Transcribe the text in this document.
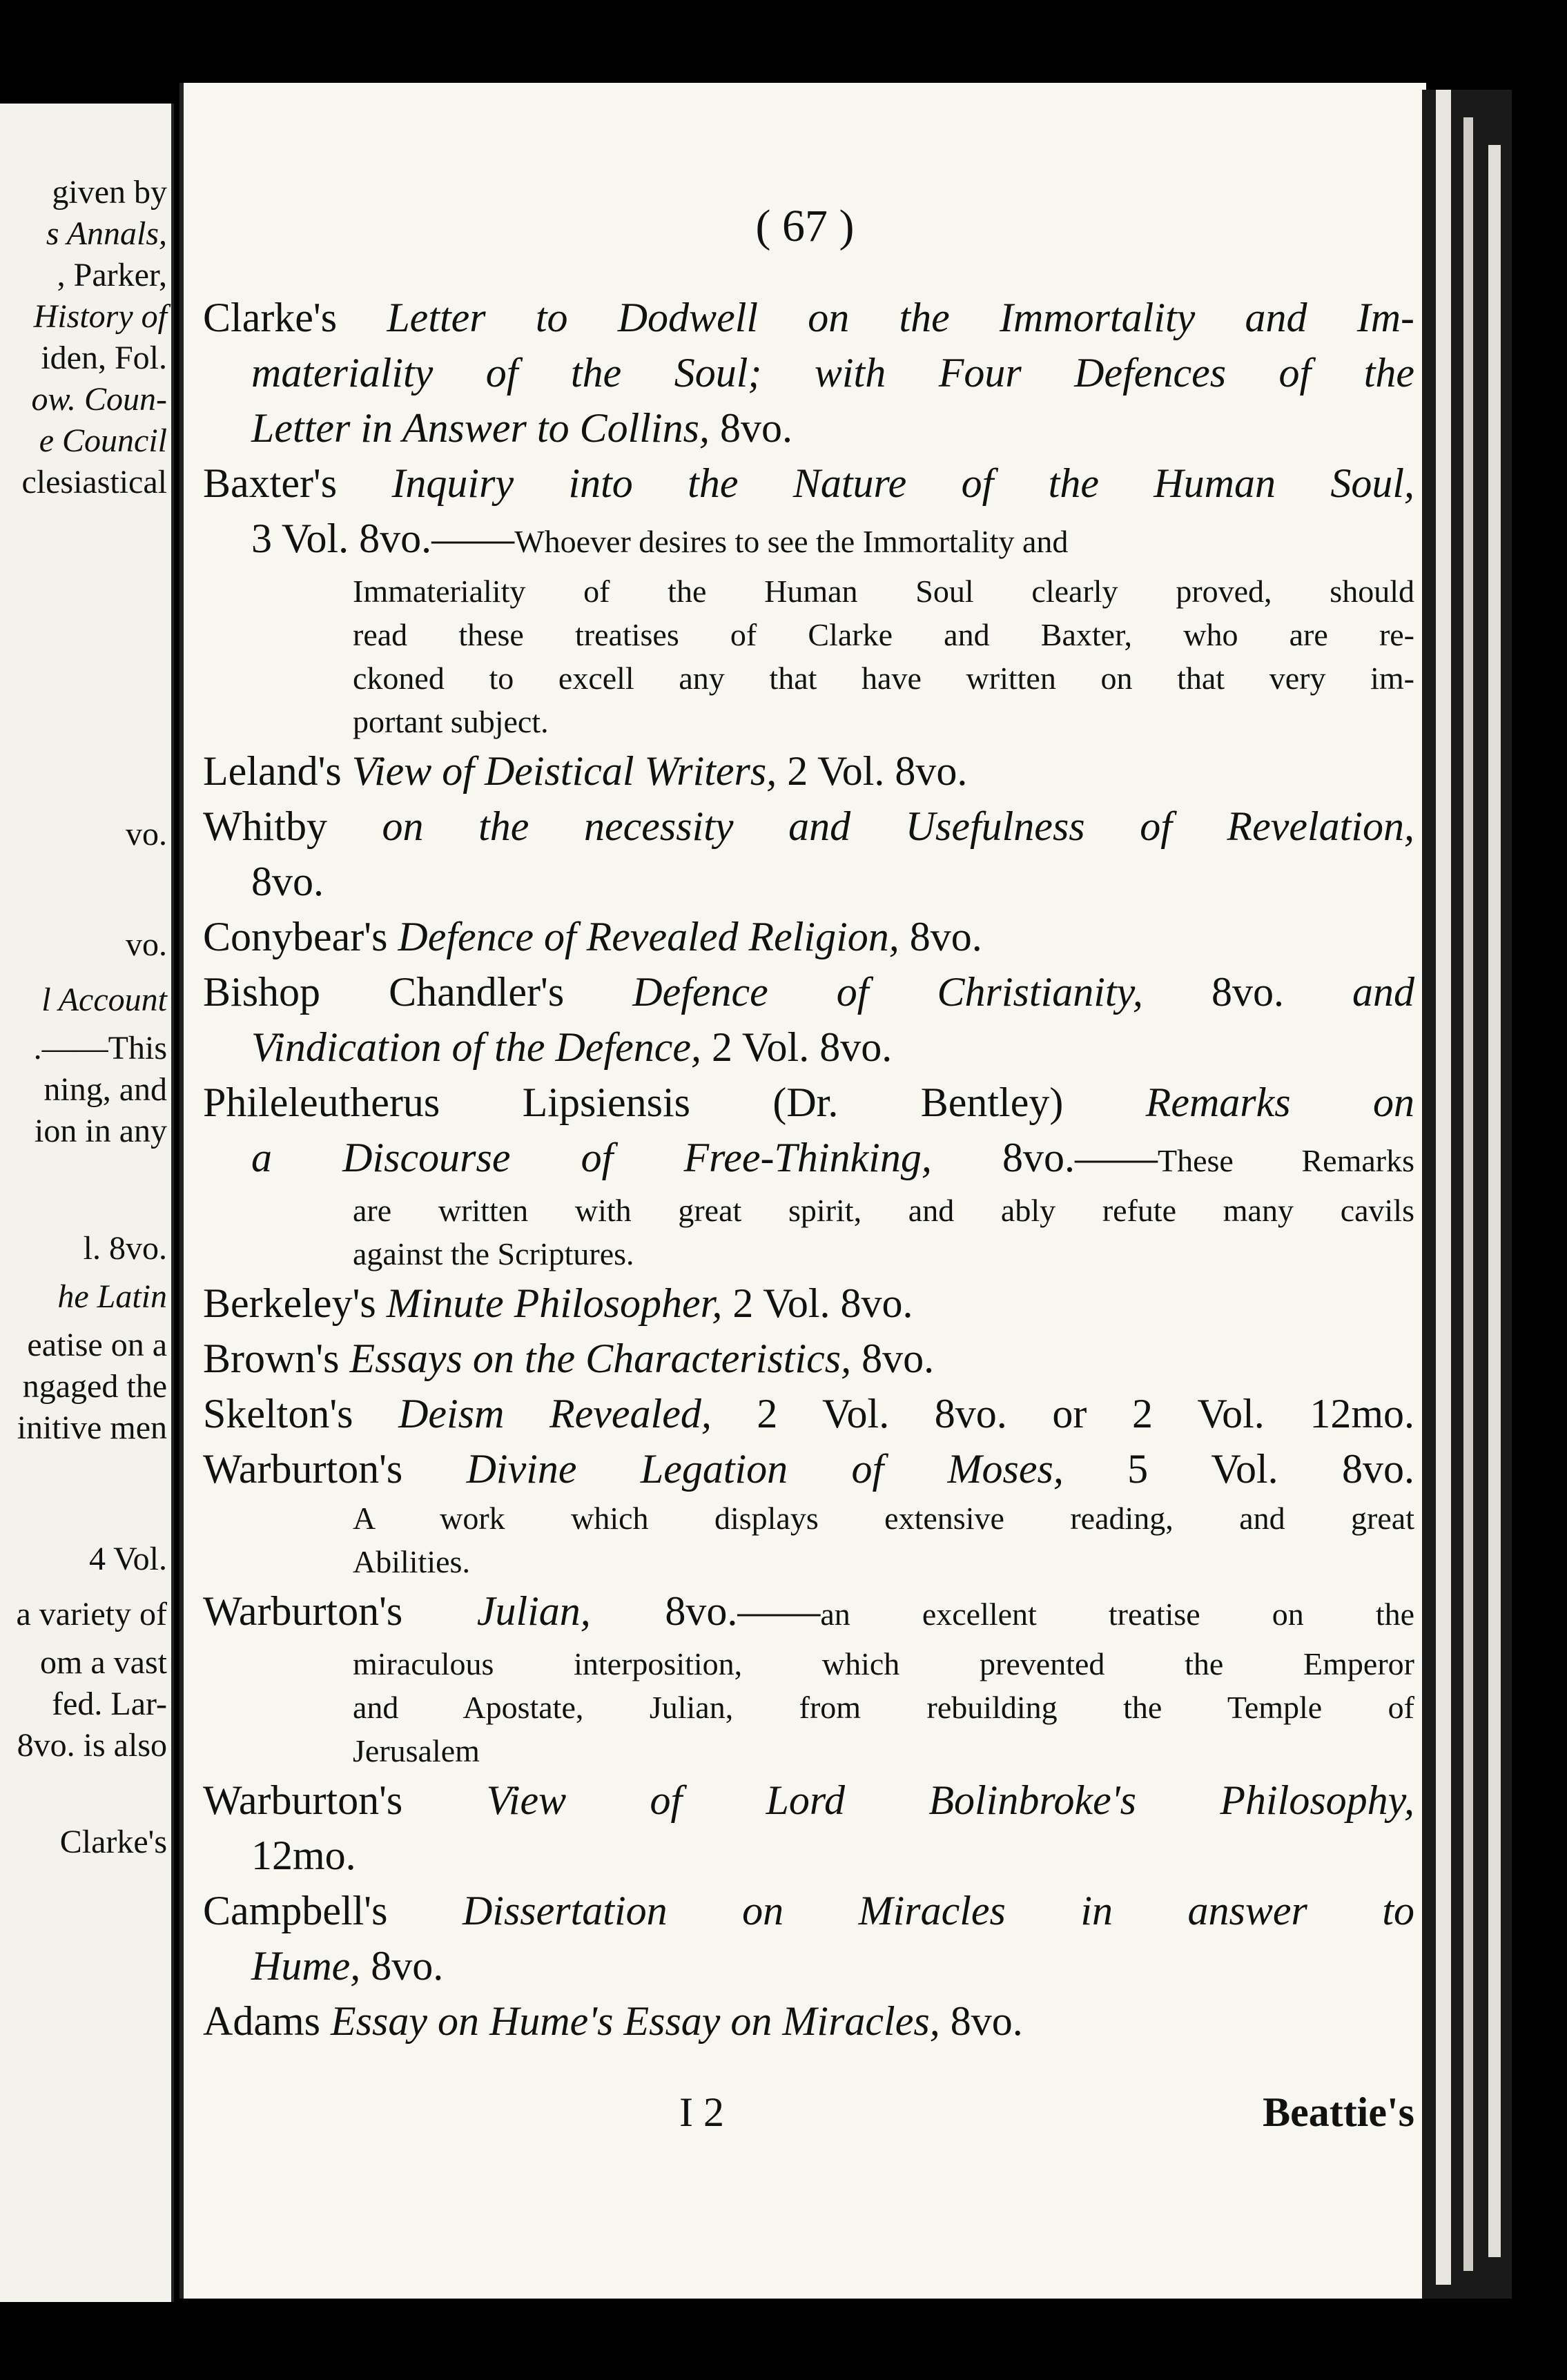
given by
s Annals,
, Parker,
History of
iden, Fol.
ow. Coun-
e Council
clesiastical
vo.
vo.
l Account
.——This
ning, and
ion in any
l. 8vo.
he Latin
eatise on a
ngaged the
initive men
4 Vol.
a variety of
om a vast
fed. Lar-
8vo. is also
Clarke's
( 67 )
Clarke's Letter to Dodwell on the Immortality and Im-
materiality of the Soul; with Four Defences of the
Letter in Answer to Collins, 8vo.
Baxter's Inquiry into the Nature of the Human Soul,
3 Vol. 8vo.——Whoever desires to see the Immortality and
Immateriality of the Human Soul clearly proved, should
read these treatises of Clarke and Baxter, who are re-
ckoned to excell any that have written on that very im-
portant subject.
Leland's View of Deistical Writers, 2 Vol. 8vo.
Whitby on the necessity and Usefulness of Revelation,
8vo.
Conybear's Defence of Revealed Religion, 8vo.
Bishop Chandler's Defence of Christianity, 8vo. and
Vindication of the Defence, 2 Vol. 8vo.
Phileleutherus Lipsiensis (Dr. Bentley) Remarks on
a Discourse of Free-Thinking, 8vo.——These Remarks
are written with great spirit, and ably refute many cavils
against the Scriptures.
Berkeley's Minute Philosopher, 2 Vol. 8vo.
Brown's Essays on the Characteristics, 8vo.
Skelton's Deism Revealed, 2 Vol. 8vo. or 2 Vol. 12mo.
Warburton's Divine Legation of Moses, 5 Vol. 8vo.
A work which displays extensive reading, and great
Abilities.
Warburton's Julian, 8vo.——an excellent treatise on the
miraculous interposition, which prevented the Emperor
and Apostate, Julian, from rebuilding the Temple of
Jerusalem
Warburton's View of Lord Bolinbroke's Philosophy,
12mo.
Campbell's Dissertation on Miracles in answer to
Hume, 8vo.
Adams Essay on Hume's Essay on Miracles, 8vo.
I 2	Beattie's
